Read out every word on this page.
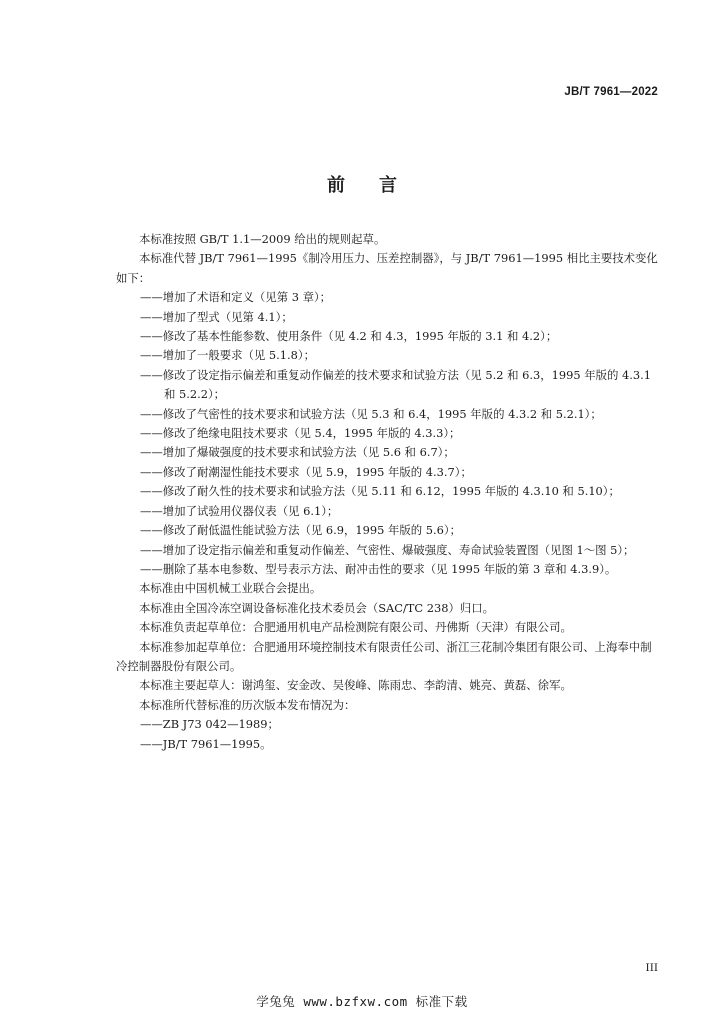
JB/T 7961—2022
前言

本标准按照 GB/T 1.1—2009 给出的规则起草。

本标准代替 JB/T 7961—1995《制冷用压力、压差控制器》，与 JB/T 7961—1995 相比主要技术变化如下：

——增加了术语和定义（见第 3 章）；
——增加了型式（见第 4.1）；
——修改了基本性能参数、使用条件（见 4.2 和 4.3，1995 年版的 3.1 和 4.2）；
——增加了一般要求（见 5.1.8）；
——修改了设定指示偏差和重复动作偏差的技术要求和试验方法（见 5.2 和 6.3，1995 年版的 4.3.1
和 5.2.2）；
——修改了气密性的技术要求和试验方法（见 5.3 和 6.4，1995 年版的 4.3.2 和 5.2.1）；
——修改了绝缘电阻技术要求（见 5.4，1995 年版的 4.3.3）；
——增加了爆破强度的技术要求和试验方法（见 5.6 和 6.7）；
——修改了耐潮湿性能技术要求（见 5.9，1995 年版的 4.3.7）；
——修改了耐久性的技术要求和试验方法（见 5.11 和 6.12，1995 年版的 4.3.10 和 5.10）；
——增加了试验用仪器仪表（见 6.1）；
——修改了耐低温性能试验方法（见 6.9，1995 年版的 5.6）；
——增加了设定指示偏差和重复动作偏差、气密性、爆破强度、寿命试验装置图（见图 1～图 5）；
——删除了基本电参数、型号表示方法、耐冲击性的要求（见 1995 年版的第 3 章和 4.3.9）。

本标准由中国机械工业联合会提出。

本标准由全国冷冻空调设备标准化技术委员会（SAC/TC 238）归口。

本标准负责起草单位：合肥通用机电产品检测院有限公司、丹佛斯（天津）有限公司。

本标准参加起草单位：合肥通用环境控制技术有限责任公司、浙江三花制冷集团有限公司、上海奉中制冷控制器股份有限公司。

本标准主要起草人：谢鸿玺、安金改、吴俊峰、陈雨忠、李韵清、姚亮、黄磊、徐军。

本标准所代替标准的历次版本发布情况为：

——ZB J73 042—1989；
——JB/T 7961—1995。
III
学兔兔 www.bzfxw.com 标准下载
